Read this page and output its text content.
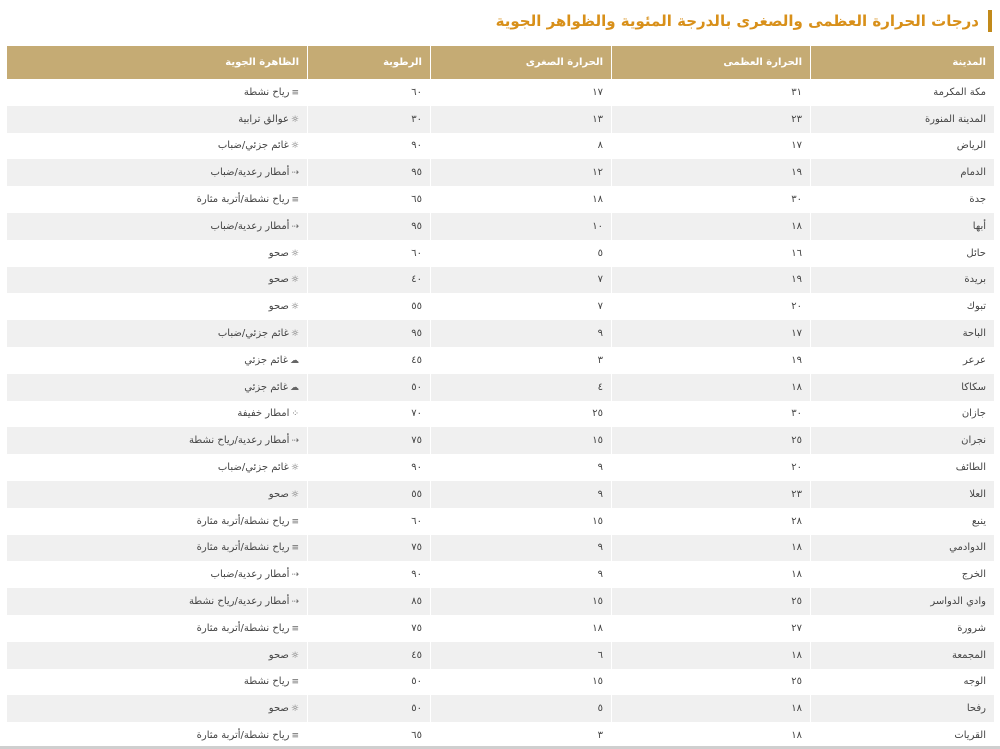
درجات الحرارة العظمى والصغرى بالدرجة المئوية والظواهر الجوية
المدينة	الحرارة العظمى	الحرارة الصغرى	الرطوبة	الظاهرة الجوية
مكة المكرمة	٣١	١٧	٦٠	≡رياح نشطة
المدينة المنورة	٢٣	١٣	٣٠	☼عوالق ترابية
الرياض	١٧	٨	٩٠	☼غائم جزئي/ضباب
الدمام	١٩	١٢	٩٥	⇢أمطار رعدية/ضباب
جدة	٣٠	١٨	٦٥	≡رياح نشطة/أتربة مثارة
أبها	١٨	١٠	٩٥	⇢أمطار رعدية/ضباب
حائل	١٦	٥	٦٠	☼صحو
بريدة	١٩	٧	٤٠	☼صحو
تبوك	٢٠	٧	٥٥	☼صحو
الباحة	١٧	٩	٩٥	☼غائم جزئي/ضباب
عرعر	١٩	٣	٤٥	☁غائم جزئي
سكاكا	١٨	٤	٥٠	☁غائم جزئي
جازان	٣٠	٢٥	٧٠	⁘امطار خفيفة
نجران	٢٥	١٥	٧٥	⇢أمطار رعدية/رياح نشطة
الطائف	٢٠	٩	٩٠	☼غائم جزئي/ضباب
العلا	٢٣	٩	٥٥	☼صحو
ينبع	٢٨	١٥	٦٠	≡رياح نشطة/أتربة مثارة
الدوادمي	١٨	٩	٧٥	≡رياح نشطة/أتربة مثارة
الخرج	١٨	٩	٩٠	⇢أمطار رعدية/ضباب
وادي الدواسر	٢٥	١٥	٨٥	⇢أمطار رعدية/رياح نشطة
شرورة	٢٧	١٨	٧٥	≡رياح نشطة/أتربة مثارة
المجمعة	١٨	٦	٤٥	☼صحو
الوجه	٢٥	١٥	٥٠	≡رياح نشطة
رفحا	١٨	٥	٥٠	☼صحو
القريات	١٨	٣	٦٥	≡رياح نشطة/أتربة مثارة
